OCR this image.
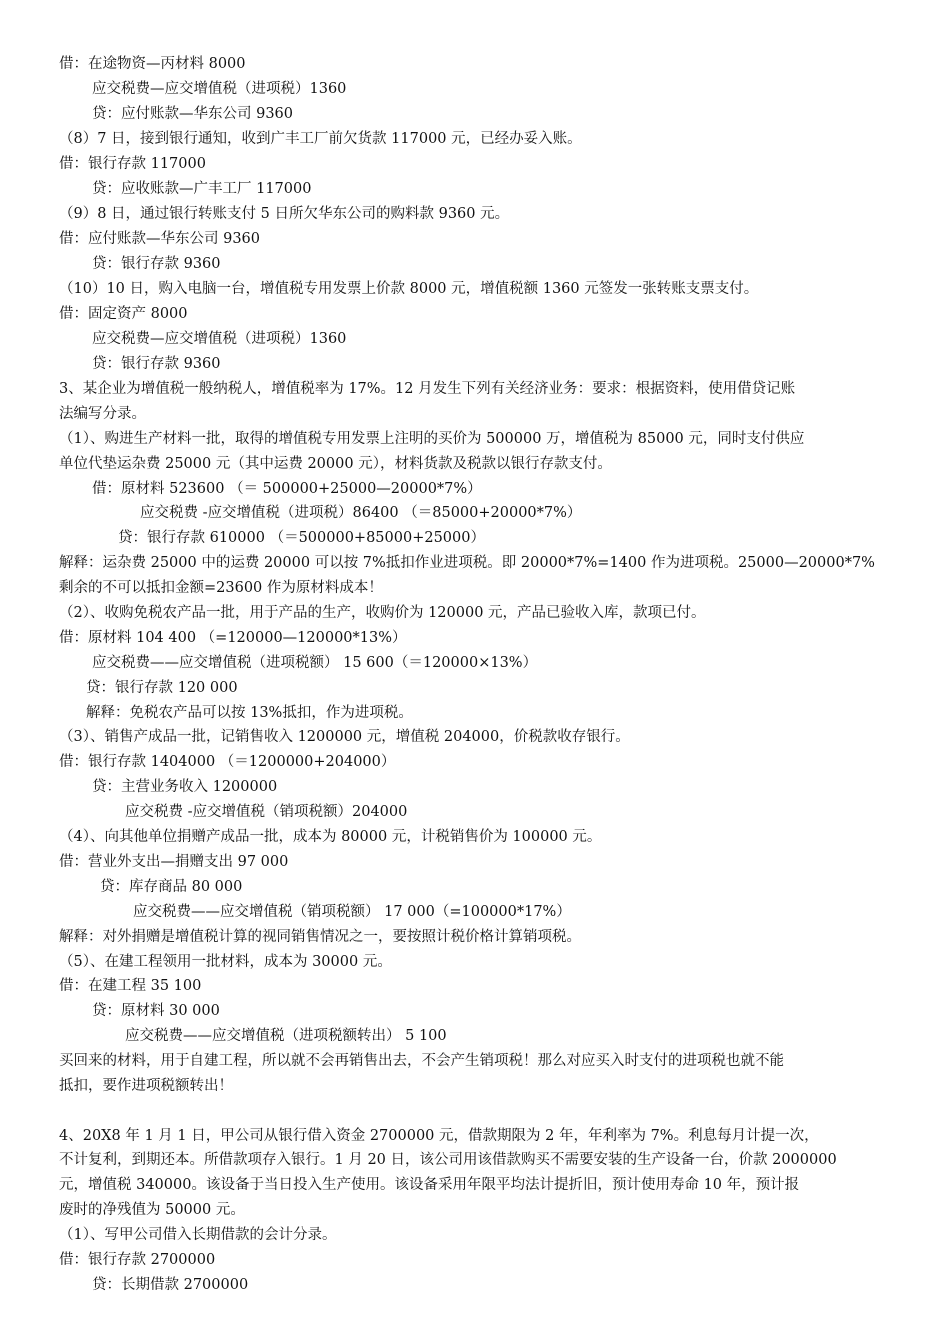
借：在途物资—丙材料 8000
应交税费—应交增值税（进项税）1360
贷：应付账款—华东公司 9360
（8）7 日，接到银行通知，收到广丰工厂前欠货款 117000 元，已经办妥入账。
借：银行存款 117000
贷：应收账款—广丰工厂 117000
（9）8 日，通过银行转账支付 5 日所欠华东公司的购料款 9360 元。
借：应付账款—华东公司 9360
贷：银行存款 9360
（10）10 日，购入电脑一台，增值税专用发票上价款 8000 元，增值税额 1360 元签发一张转账支票支付。
借：固定资产 8000
应交税费—应交增值税（进项税）1360
贷：银行存款 9360
3、某企业为增值税一般纳税人，增值税率为 17%。12 月发生下列有关经济业务：要求：根据资料，使用借贷记账
法编写分录。
（1）、购进生产材料一批，取得的增值税专用发票上注明的买价为 500000 万，增值税为 85000 元，同时支付供应
单位代垫运杂费 25000 元（其中运费 20000 元），材料货款及税款以银行存款支付。
借：原材料 523600 （＝ 500000+25000—20000*7%）
应交税费 -应交增值税（进项税）86400 （＝85000+20000*7%）
贷：银行存款 610000 （＝500000+85000+25000）
解释：运杂费 25000 中的运费 20000 可以按 7%抵扣作业进项税。即 20000*7%=1400 作为进项税。25000—20000*7%
剩余的不可以抵扣金额=23600 作为原材料成本！
（2）、收购免税农产品一批，用于产品的生产，收购价为 120000 元，产品已验收入库，款项已付。
借：原材料 104 400 （=120000—120000*13%）
应交税费——应交增值税（进项税额） 15 600（＝120000×13%）
贷：银行存款 120 000
解释：免税农产品可以按 13%抵扣，作为进项税。
（3）、销售产成品一批，记销售收入 1200000 元，增值税 204000，价税款收存银行。
借：银行存款 1404000 （＝1200000+204000）
贷：主营业务收入 1200000
应交税费 -应交增值税（销项税额）204000
（4）、向其他单位捐赠产成品一批，成本为 80000 元，计税销售价为 100000 元。
借：营业外支出—捐赠支出 97 000
贷：库存商品 80 000
应交税费——应交增值税（销项税额） 17 000（=100000*17%）
解释：对外捐赠是增值税计算的视同销售情况之一，要按照计税价格计算销项税。
（5）、在建工程领用一批材料，成本为 30000 元。
借：在建工程 35 100
贷：原材料 30 000
应交税费——应交增值税（进项税额转出） 5 100
买回来的材料，用于自建工程，所以就不会再销售出去，不会产生销项税！那么对应买入时支付的进项税也就不能
抵扣，要作进项税额转出！
4、20X8 年 1 月 1 日，甲公司从银行借入资金 2700000 元，借款期限为 2 年，年利率为 7%。利息每月计提一次，
不计复利，到期还本。所借款项存入银行。1 月 20 日，该公司用该借款购买不需要安装的生产设备一台，价款 2000000
元，增值税 340000。该设备于当日投入生产使用。该设备采用年限平均法计提折旧，预计使用寿命 10 年，预计报
废时的净残值为 50000 元。
（1）、写甲公司借入长期借款的会计分录。
借：银行存款 2700000
贷：长期借款 2700000
